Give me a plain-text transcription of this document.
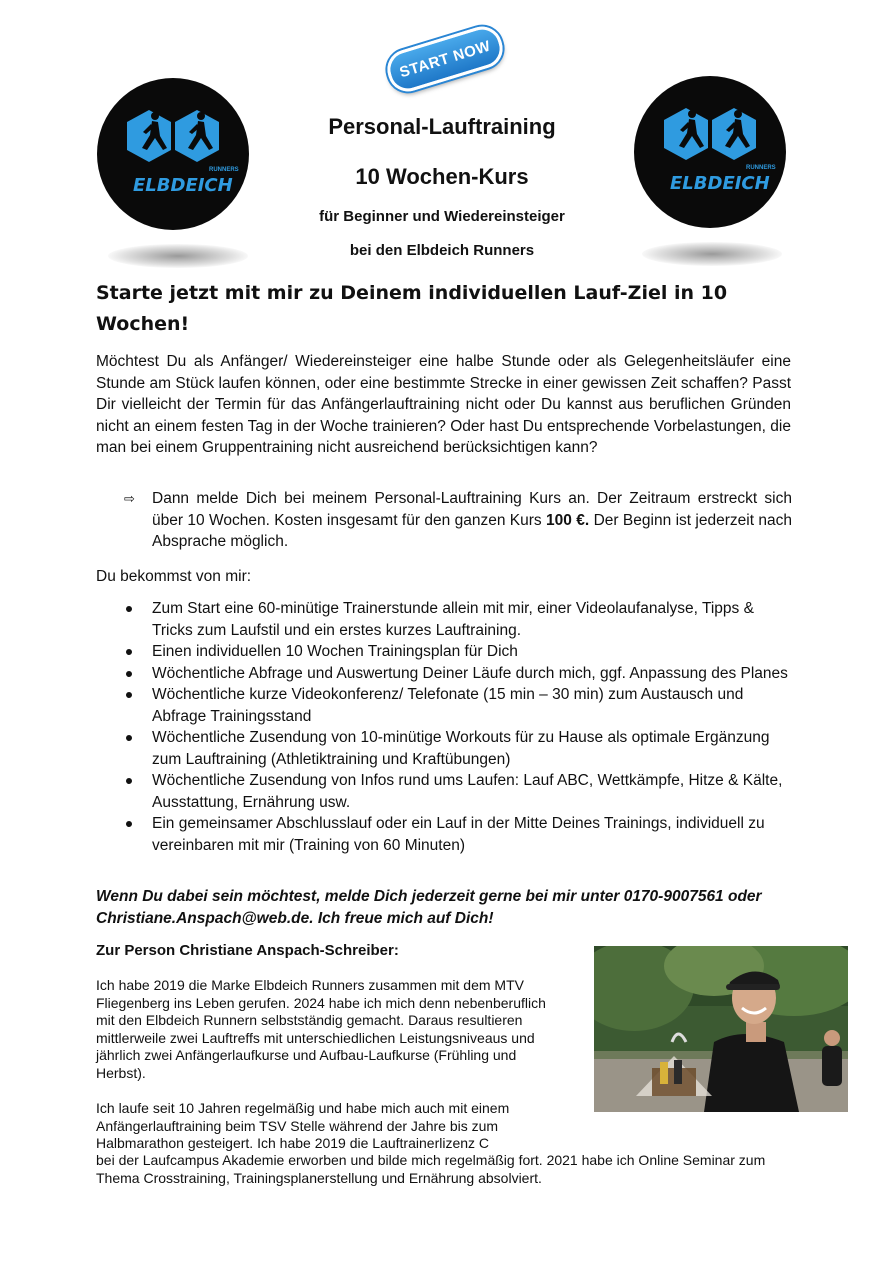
START NOW
RUNNERS
ELBDEICH
RUNNERS
ELBDEICH
Personal-Lauftraining
10 Wochen-Kurs
für Beginner und Wiedereinsteiger
bei den Elbdeich Runners
Starte jetzt mit mir zu Deinem individuellen Lauf-Ziel in 10 Wochen!
Möchtest Du als Anfänger/ Wiedereinsteiger eine halbe Stunde oder als Gelegenheitsläufer eine Stunde am Stück laufen können, oder eine bestimmte Strecke in einer gewissen Zeit schaffen? Passt Dir vielleicht der Termin für das Anfängerlauftraining nicht oder Du kannst aus beruflichen Gründen nicht an einem festen Tag in der Woche trainieren? Oder hast Du entsprechende Vorbelastungen, die man bei einem Gruppentraining nicht ausreichend berücksichtigen kann?
⇨ Dann melde Dich bei meinem Personal-Lauftraining Kurs an. Der Zeitraum erstreckt sich über 10 Wochen. Kosten insgesamt für den ganzen Kurs 100 €. Der Beginn ist jederzeit nach Absprache möglich.
Du bekommst von mir:
Zum Start eine 60-minütige Trainerstunde allein mit mir, einer Videolaufanalyse, Tipps & Tricks zum Laufstil und ein erstes kurzes Lauftraining.
Einen individuellen 10 Wochen Trainingsplan für Dich
Wöchentliche Abfrage und Auswertung Deiner Läufe durch mich, ggf. Anpassung des Planes
Wöchentliche kurze Videokonferenz/ Telefonate (15 min – 30 min) zum Austausch und Abfrage Trainingsstand
Wöchentliche Zusendung von 10-minütige Workouts für zu Hause als optimale Ergänzung zum Lauftraining (Athletiktraining und Kraftübungen)
Wöchentliche Zusendung von Infos rund ums Laufen: Lauf ABC, Wettkämpfe, Hitze & Kälte, Ausstattung, Ernährung usw.
Ein gemeinsamer Abschlusslauf oder ein Lauf in der Mitte Deines Trainings, individuell zu vereinbaren mit mir (Training von 60 Minuten)
Wenn Du dabei sein möchtest, melde Dich jederzeit gerne bei mir unter 0170-9007561 oder Christiane.Anspach@web.de. Ich freue mich auf Dich!
Zur Person Christiane Anspach-Schreiber:
Ich habe 2019 die Marke Elbdeich Runners zusammen mit dem MTV Fliegenberg ins Leben gerufen. 2024 habe ich mich denn nebenberuflich mit den Elbdeich Runnern selbstständig gemacht. Daraus resultieren mittlerweile zwei Lauftreffs mit unterschiedlichen Leistungsniveaus und jährlich zwei Anfängerlaufkurse und Aufbau-Laufkurse (Frühling und Herbst).
Ich laufe seit 10 Jahren regelmäßig und habe mich auch mit einem Anfängerlauftraining beim TSV Stelle während der Jahre bis zum Halbmarathon gesteigert. Ich habe 2019 die Lauftrainerlizenz C
bei der Laufcampus Akademie erworben und bilde mich regelmäßig fort. 2021 habe ich Online Seminar zum Thema Crosstraining, Trainingsplanerstellung und Ernährung absolviert.
